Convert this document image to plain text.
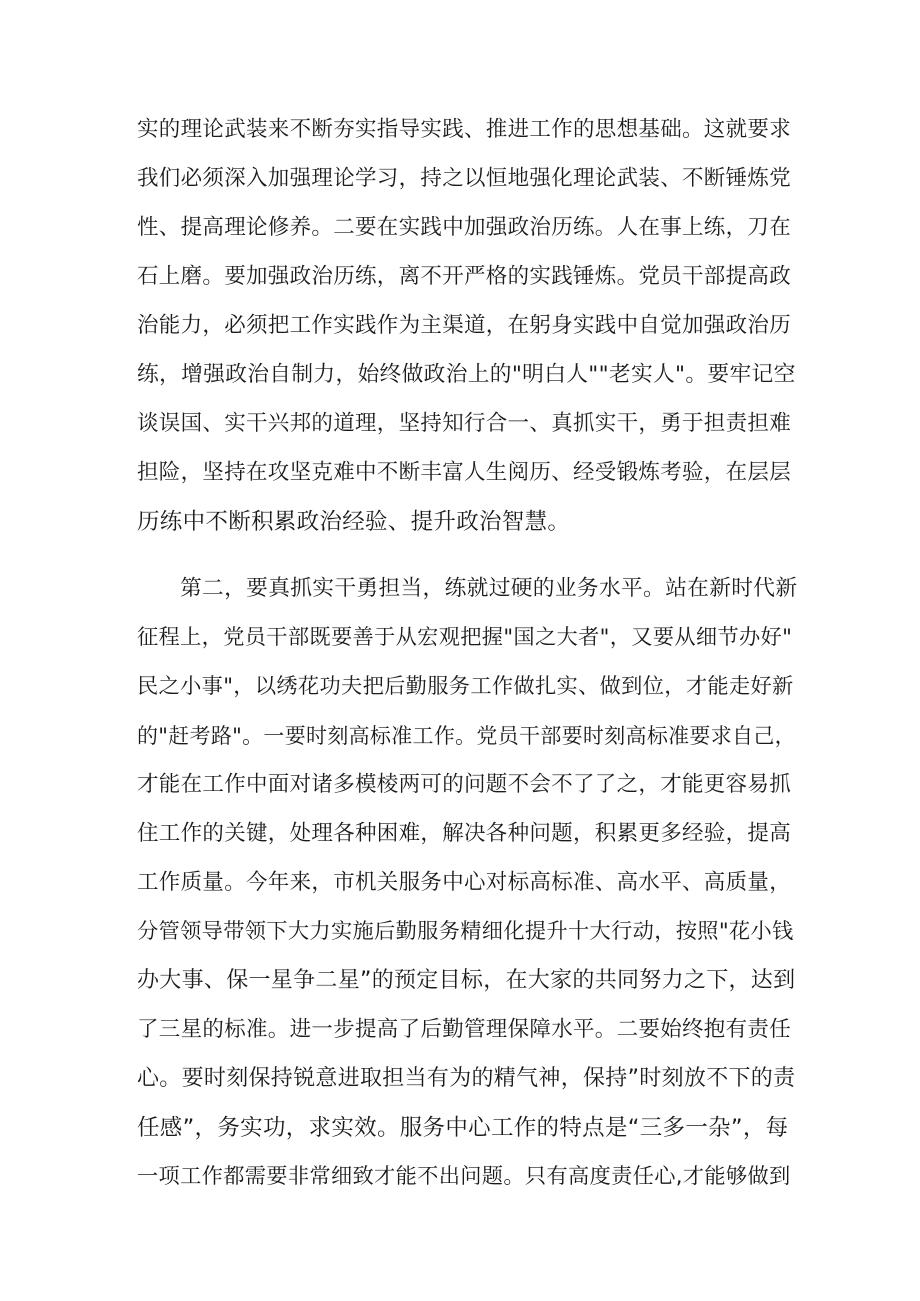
实的理论武装来不断夯实指导实践、推进工作的思想基础。这就要求
我们必须深入加强理论学习，持之以恒地强化理论武装、不断锤炼党
性、提高理论修养。二要在实践中加强政治历练。人在事上练，刀在
石上磨。要加强政治历练，离不开严格的实践锤炼。党员干部提高政
治能力，必须把工作实践作为主渠道，在躬身实践中自觉加强政治历
练，增强政治自制力，始终做政治上的"明白人""老实人"。要牢记空
谈误国、实干兴邦的道理，坚持知行合一、真抓实干，勇于担责担难
担险，坚持在攻坚克难中不断丰富人生阅历、经受锻炼考验，在层层
历练中不断积累政治经验、提升政治智慧。
第二，要真抓实干勇担当，练就过硬的业务水平。站在新时代新
征程上，党员干部既要善于从宏观把握"国之大者"，又要从细节办好"
民之小事"，以绣花功夫把后勤服务工作做扎实、做到位，才能走好新
的"赶考路"。一要时刻高标准工作。党员干部要时刻高标准要求自己，
才能在工作中面对诸多模棱两可的问题不会不了了之，才能更容易抓
住工作的关键，处理各种困难，解决各种问题，积累更多经验，提高
工作质量。今年来，市机关服务中心对标高标准、高水平、高质量，
分管领导带领下大力实施后勤服务精细化提升十大行动，按照"花小钱
办大事、保一星争二星”的预定目标，在大家的共同努力之下，达到
了三星的标准。进一步提高了后勤管理保障水平。二要始终抱有责任
心。要时刻保持锐意进取担当有为的精气神，保持”时刻放不下的责
任感”，务实功，求实效。服务中心工作的特点是“三多一杂”，每
一项工作都需要非常细致才能不出问题。只有高度责任心,才能够做到
